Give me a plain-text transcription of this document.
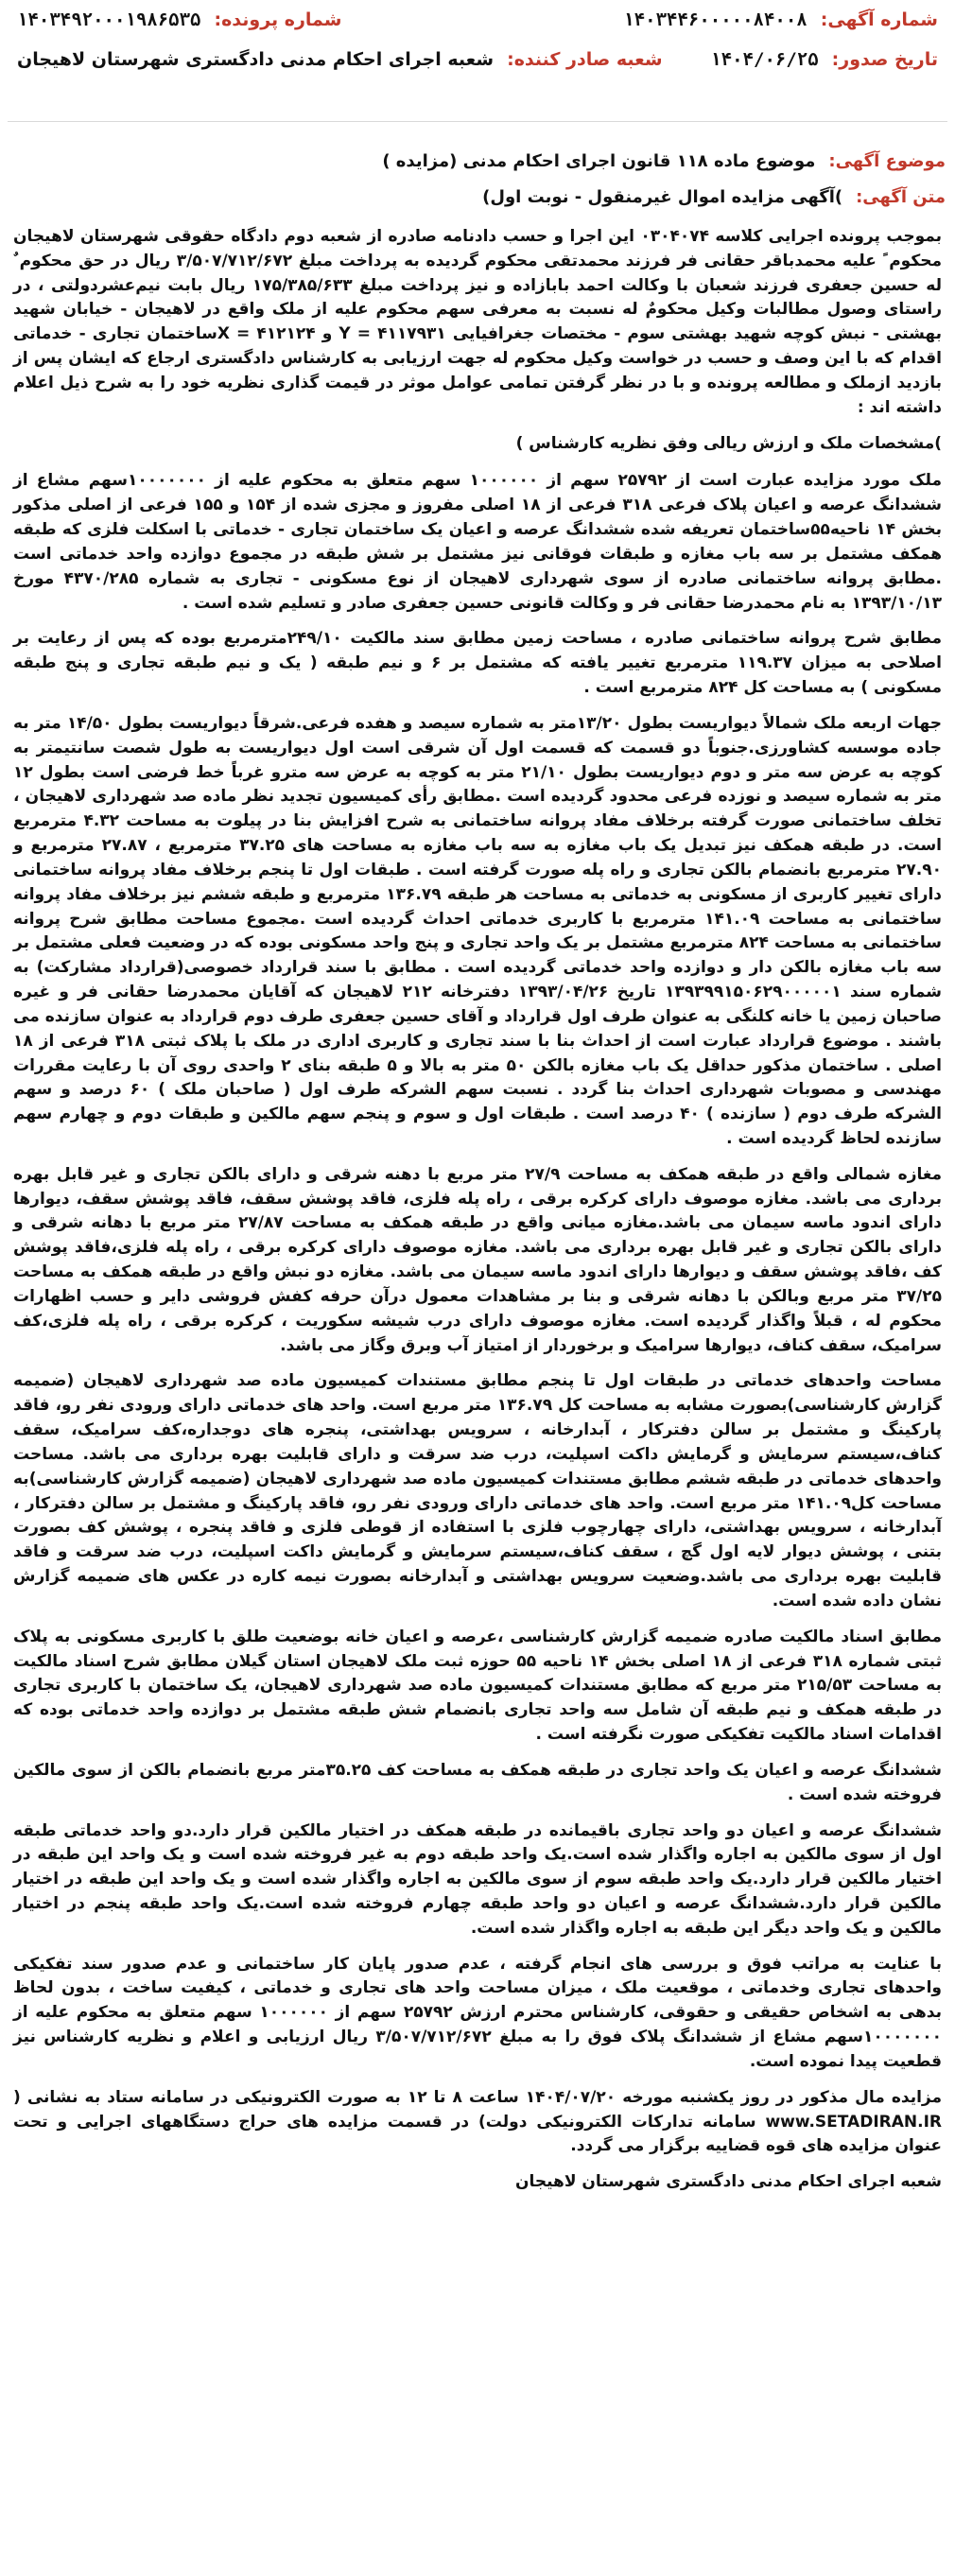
شماره آگهی:
۱۴۰۳۴۴۶۰۰۰۰۰۸۴۰۰۸
شماره پرونده:
۱۴۰۳۴۹۲۰۰۰۱۹۸۶۵۳۵
تاریخ صدور:
۱۴۰۴/۰۶/۲۵
شعبه صادر کننده:
شعبه اجرای احکام مدنی دادگستری شهرستان لاهیجان
موضوع آگهی:
موضوع ماده ۱۱۸ قانون اجرای احکام مدنی (مزایده )
متن آگهی:
)آگهی مزایده اموال غیرمنقول - نوبت اول)

بموجب پرونده اجرایی کلاسه ۰۳۰۴۰۷۴ این اجرا و حسب دادنامه صادره از شعبه دوم دادگاه حقوقی شهرستان لاهیجان محکوم ً علیه محمدباقر حقانی فر فرزند محمدتقی محکوم گردیده به پرداخت مبلغ ۳/۵۰۷/۷۱۲/۶۷۲ ریال در حق محکوم ٌ له حسین جعفری فرزند شعبان با وکالت احمد بابازاده و نیز پرداخت مبلغ ۱۷۵/۳۸۵/۶۳۳ ریال بابت نیم‌عشردولتی ، در راستای وصول مطالبات وکیل محکومٌ له نسبت به معرفی سهم محکوم علیه از ملک واقع در لاهیجان - خیابان شهید بهشتی - نبش کوچه شهید بهشتی سوم - مختصات جغرافیایی ۴۱۱۷۹۳۱ = Y و ۴۱۲۱۲۴ = Xساختمان تجاری - خدماتی اقدام که با این وصف و حسب در خواست وکیل محکوم له جهت ارزیابی به کارشناس دادگستری ارجاع که ایشان پس از بازدید ازملک و مطالعه پرونده و با در نظر گرفتن تمامی عوامل موثر در قیمت گذاری نظریه خود را به شرح ذیل اعلام داشته اند :

)مشخصات ملک و ارزش ریالی وفق نظریه کارشناس )

ملک مورد مزایده عبارت است از ۲۵۷۹۲ سهم از ۱۰۰۰۰۰۰ سهم متعلق به محکوم علیه از ۱۰۰۰۰۰۰۰سهم مشاع از ششدانگ عرصه و اعیان پلاک فرعی ۳۱۸ فرعی از ۱۸ اصلی مفروز و مجزی شده از ۱۵۴ و ۱۵۵ فرعی از اصلی مذکور بخش ۱۴ ناحیه۵۵ساختمان تعریفه شده ششدانگ عرصه و اعیان یک ساختمان تجاری - خدماتی با اسکلت فلزی که طبقه همکف مشتمل بر سه باب مغازه و طبقات فوقانی نیز مشتمل بر شش طبقه در مجموع دوازده واحد خدماتی است .مطابق پروانه ساختمانی صادره از سوی شهرداری لاهیجان از نوع مسکونی - تجاری به شماره ۴۳۷۰/۲۸۵ مورخ ۱۳۹۳/۱۰/۱۳ به نام محمدرضا حقانی فر و وکالت قانونی حسین جعفری صادر و تسلیم شده است .

مطابق شرح پروانه ساختمانی صادره ، مساحت زمین مطابق سند مالکیت ۲۴۹/۱۰مترمربع بوده که پس از رعایت بر اصلاحی به میزان ۱۱۹.۳۷ مترمربع تغییر یافته که مشتمل بر ۶ و نیم طبقه ( یک و نیم طبقه تجاری و پنج طبقه مسکونی ) به مساحت کل ۸۲۴ مترمربع است .

جهات اربعه ملک شمالاً دیواریست بطول ۱۳/۲۰متر به شماره سیصد و هفده فرعی.شرقاً دیواریست بطول ۱۴/۵۰ متر به جاده موسسه کشاورزی.جنوباً دو قسمت که قسمت اول آن شرقی است اول دیواریست به طول شصت سانتیمتر به کوچه به عرض سه متر و دوم دیواریست بطول ۲۱/۱۰ متر به کوچه به عرض سه مترو غرباً خط فرضی است بطول ۱۲ متر به شماره سیصد و نوزده فرعی محدود گردیده است .مطابق رأی کمیسیون تجدید نظر ماده صد شهرداری لاهیجان ، تخلف ساختمانی صورت گرفته برخلاف مفاد پروانه ساختمانی به شرح افزایش بنا در پیلوت به مساحت ۴.۳۲ مترمربع است. در طبقه همکف نیز تبدیل یک باب مغازه به سه باب مغازه به مساحت های ۳۷.۲۵ مترمربع ، ۲۷.۸۷ مترمربع و ۲۷.۹۰ مترمربع بانضمام بالکن تجاری و راه پله صورت گرفته است . طبقات اول تا پنجم برخلاف مفاد پروانه ساختمانی دارای تغییر کاربری از مسکونی به خدماتی به مساحت هر طبقه ۱۳۶.۷۹ مترمربع و طبقه ششم نیز برخلاف مفاد پروانه ساختمانی به مساحت ۱۴۱.۰۹ مترمربع با کاربری خدماتی احداث گردیده است .مجموع مساحت مطابق شرح پروانه ساختمانی به مساحت ۸۲۴ مترمربع مشتمل بر یک واحد تجاری و پنج واحد مسکونی بوده که در وضعیت فعلی مشتمل بر سه باب مغازه بالکن دار و دوازده واحد خدماتی گردیده است . مطابق با سند قرارداد خصوصی(قرارداد مشارکت) به شماره سند ۱۳۹۳۹۹۱۵۰۶۲۹۰۰۰۰۰۱ تاریخ ۱۳۹۳/۰۴/۲۶ دفترخانه ۲۱۲ لاهیجان که آقایان محمدرضا حقانی فر و غیره صاحبان زمین یا خانه کلنگی به عنوان طرف اول قرارداد و آقای حسین جعفری طرف دوم قرارداد به عنوان سازنده می باشند . موضوع قرارداد عبارت است از احداث بنا با سند تجاری و کاربری اداری در ملک با پلاک ثبتی ۳۱۸ فرعی از ۱۸ اصلی . ساختمان مذکور حداقل یک باب مغازه بالکن ۵۰ متر به بالا و ۵ طبقه بنای ۲ واحدی روی آن با رعایت مقررات مهندسی و مصوبات شهرداری احداث بنا گردد . نسبت سهم الشرکه طرف اول ( صاحبان ملک ) ۶۰ درصد و سهم الشرکه طرف دوم ( سازنده ) ۴۰ درصد است . طبقات اول و سوم و پنجم سهم مالکین و طبقات دوم و چهارم سهم سازنده لحاظ گردیده است .

مغازه شمالی واقع در طبقه همکف به مساحت ۲۷/۹ متر مربع با دهنه شرقی و دارای بالکن تجاری و غیر قابل بهره برداری می باشد. مغازه موصوف دارای کرکره برقی ، راه پله فلزی، فاقد پوشش سقف، فاقد پوشش سقف، دیوارها دارای اندود ماسه سیمان می باشد.مغازه میانی واقع در طبقه همکف به مساحت ۲۷/۸۷ متر مربع با دهانه شرقی و دارای بالکن تجاری و غیر قابل بهره برداری می باشد. مغازه موصوف دارای کرکره برقی ، راه پله فلزی،فاقد پوشش کف ،فاقد پوشش سقف و دیوارها دارای اندود ماسه سیمان می باشد. مغازه دو نبش واقع در طبقه همکف به مساحت ۳۷/۲۵ متر مربع وبالکن با دهانه شرقی و بنا بر مشاهدات معمول درآن حرفه کفش فروشی دایر و حسب اظهارات محکوم له ، قبلاً واگذار گردیده است. مغازه موصوف دارای درب شیشه سکوریت ، کرکره برقی ، راه پله فلزی،کف سرامیک، سقف کناف، دیوارها سرامیک و برخوردار از امتیاز آب وبرق وگاز می باشد.

مساحت واحدهای خدماتی در طبقات اول تا پنجم مطابق مستندات کمیسیون ماده صد شهرداری لاهیجان (ضمیمه گزارش کارشناسی)بصورت مشابه به مساحت کل ۱۳۶.۷۹ متر مربع است. واحد های خدماتی دارای ورودی نفر رو، فاقد پارکینگ و مشتمل بر سالن دفترکار ، آبدارخانه ، سرویس بهداشتی، پنجره های دوجداره،کف سرامیک، سقف کناف،سیستم سرمایش و گرمایش داکت اسپلیت، درب ضد سرقت و دارای قابلیت بهره برداری می باشد. مساحت واحدهای خدماتی در طبقه ششم مطابق مستندات کمیسیون ماده صد شهرداری لاهیجان (ضمیمه گزارش کارشناسی)به مساحت کل۱۴۱.۰۹ متر مربع است. واحد های خدماتی دارای ورودی نفر رو، فاقد پارکینگ و مشتمل بر سالن دفترکار ، آبدارخانه ، سرویس بهداشتی، دارای چهارچوب فلزی با استفاده از قوطی فلزی و فاقد پنجره ، پوشش کف بصورت بتنی ، پوشش دیوار لایه اول گچ ، سقف کناف،سیستم سرمایش و گرمایش داکت اسپلیت، درب ضد سرقت و فاقد قابلیت بهره برداری می باشد.وضعیت سرویس بهداشتی و آبدارخانه بصورت نیمه کاره در عکس های ضمیمه گزارش نشان داده شده است.

مطابق اسناد مالکیت صادره ضمیمه گزارش کارشناسی ،عرصه و اعیان خانه بوضعیت طلق با کاربری مسکونی به پلاک ثبتی شماره ۳۱۸ فرعی از ۱۸ اصلی بخش ۱۴ ناحیه ۵۵ حوزه ثبت ملک لاهیجان استان گیلان مطابق شرح اسناد مالکیت به مساحت ۲۱۵/۵۳ متر مربع که مطابق مستندات کمیسیون ماده صد شهرداری لاهیجان، یک ساختمان با کاربری تجاری در طبقه همکف و نیم طبقه آن شامل سه واحد تجاری بانضمام شش طبقه مشتمل بر دوازده واحد خدماتی بوده که اقدامات اسناد مالکیت تفکیکی صورت نگرفته است .

ششدانگ عرصه و اعیان یک واحد تجاری در طبقه همکف به مساحت کف ۳۵.۲۵متر مربع بانضمام بالکن از سوی مالکین فروخته شده است .

ششدانگ عرصه و اعیان دو واحد تجاری باقیمانده در طبقه همکف در اختیار مالکین قرار دارد.دو واحد خدماتی طبقه اول از سوی مالکین به اجاره واگذار شده است.یک واحد طبقه دوم به غیر فروخته شده است و یک واحد این طبقه در اختیار مالکین قرار دارد.یک واحد طبقه سوم از سوی مالکین به اجاره واگذار شده است و یک واحد این طبقه در اختیار مالکین قرار دارد.ششدانگ عرصه و اعیان دو واحد طبقه چهارم فروخته شده است.یک واحد طبقه پنجم در اختیار مالکین و یک واحد دیگر این طبقه به اجاره واگذار شده است.

با عنایت به مراتب فوق و بررسی های انجام گرفته ، عدم صدور پایان کار ساختمانی و عدم صدور سند تفکیکی واحدهای تجاری وخدماتی ، موقعیت ملک ، میزان مساحت واحد های تجاری و خدماتی ، کیفیت ساخت ، بدون لحاظ بدهی به اشخاص حقیقی و حقوقی، کارشناس محترم ارزش ۲۵۷۹۲ سهم از ۱۰۰۰۰۰۰ سهم متعلق به محکوم علیه از ۱۰۰۰۰۰۰۰سهم مشاع از ششدانگ پلاک فوق را به مبلغ ۳/۵۰۷/۷۱۲/۶۷۲ ریال ارزیابی و اعلام و نظریه کارشناس نیز قطعیت پیدا نموده است.

مزایده مال مذکور در روز یکشنبه مورخه ۱۴۰۴/۰۷/۲۰ ساعت ۸ تا ۱۲ به صورت الکترونیکی در سامانه ستاد به نشانی ( www.SETADIRAN.IR سامانه تدارکات الکترونیکی دولت) در قسمت مزایده های حراج دستگاههای اجرایی و تحت عنوان مزایده های قوه قضاییه برگزار می گردد.

شعبه اجرای احکام مدنی دادگستری شهرستان لاهیجان
